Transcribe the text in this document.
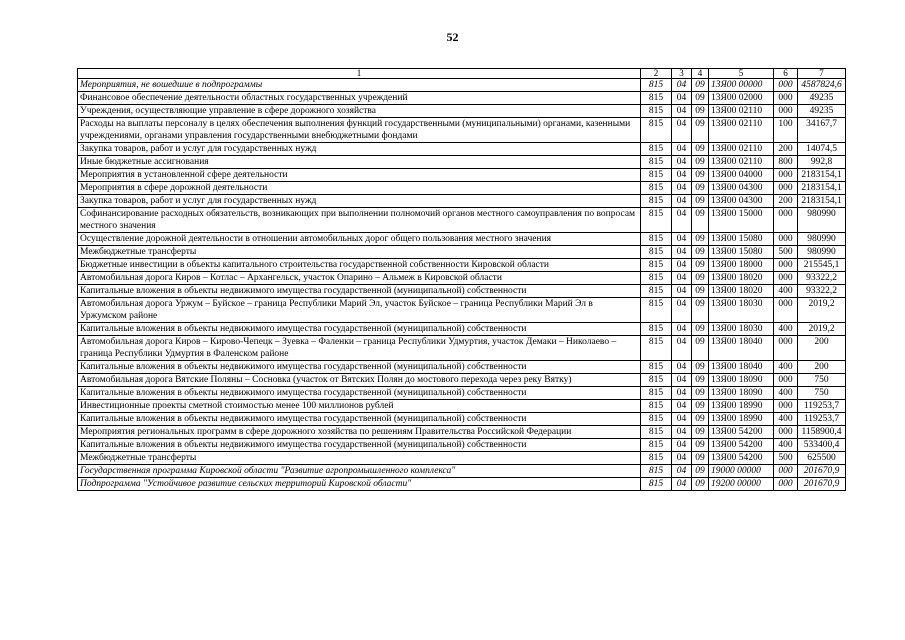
52
1	2	3	4	5	6	7
Мероприятия, не вошедшие в подпрограммы	815	04	09	13Я00 00000	000	4587824,6
Финансовое обеспечение деятельности областных государственных учреждений	815	04	09	13Я00 02000	000	49235
Учреждения, осуществляющие управление в сфере дорожного хозяйства	815	04	09	13Я00 02110	000	49235
Расходы на выплаты персоналу в целях обеспечения выполнения функций государственными (муниципальными) органами, казенными учреждениями, органами управления государственными внебюджетными фондами	815	04	09	13Я00 02110	100	34167,7
Закупка товаров, работ и услуг для государственных нужд	815	04	09	13Я00 02110	200	14074,5
Иные бюджетные ассигнования	815	04	09	13Я00 02110	800	992,8
Мероприятия в установленной сфере деятельности	815	04	09	13Я00 04000	000	2183154,1
Мероприятия в сфере дорожной деятельности	815	04	09	13Я00 04300	000	2183154,1
Закупка товаров, работ и услуг для государственных нужд	815	04	09	13Я00 04300	200	2183154,1
Софинансирование расходных обязательств, возникающих при выполнении полномочий органов местного самоуправления по вопросам местного значения	815	04	09	13Я00 15000	000	980990
Осуществление дорожной деятельности в отношении автомобильных дорог общего пользования местного значения	815	04	09	13Я00 15080	000	980990
Межбюджетные трансферты	815	04	09	13Я00 15080	500	980990
Бюджетные инвестиции в объекты капитального строительства государственной собственности Кировской области	815	04	09	13Я00 18000	000	215545,1
Автомобильная дорога Киров – Котлас – Архангельск, участок Опарино – Альмеж в Кировской области	815	04	09	13Я00 18020	000	93322,2
Капитальные вложения в объекты недвижимого имущества государственной (муниципальной) собственности	815	04	09	13Я00 18020	400	93322,2
Автомобильная дорога Уржум – Буйское – граница Республики Марий Эл, участок Буйское – граница Республики Марий Эл в Уржумском районе	815	04	09	13Я00 18030	000	2019,2
Капитальные вложения в объекты недвижимого имущества государственной (муниципальной) собственности	815	04	09	13Я00 18030	400	2019,2
Автомобильная дорога Киров – Кирово-Чепецк – Зуевка – Фаленки – граница Республики Удмуртия, участок Демаки – Николаево – граница Республики Удмуртия в Фаленском районе	815	04	09	13Я00 18040	000	200
Капитальные вложения в объекты недвижимого имущества государственной (муниципальной) собственности	815	04	09	13Я00 18040	400	200
Автомобильная дорога Вятские Поляны – Сосновка (участок от Вятских Полян до мостового перехода через реку Вятку)	815	04	09	13Я00 18090	000	750
Капитальные вложения в объекты недвижимого имущества государственной (муниципальной) собственности	815	04	09	13Я00 18090	400	750
Инвестиционные проекты сметной стоимостью менее 100 миллионов рублей	815	04	09	13Я00 18990	000	119253,7
Капитальные вложения в объекты недвижимого имущества государственной (муниципальной) собственности	815	04	09	13Я00 18990	400	119253,7
Мероприятия региональных программ в сфере дорожного хозяйства по решениям Правительства Российской Федерации	815	04	09	13Я00 54200	000	1158900,4
Капитальные вложения в объекты недвижимого имущества государственной (муниципальной) собственности	815	04	09	13Я00 54200	400	533400,4
Межбюджетные трансферты	815	04	09	13Я00 54200	500	625500
Государственная программа Кировской области "Развитие агропромышленного комплекса"	815	04	09	19000 00000	000	201670,9
Подпрограмма "Устойчивое развитие сельских территорий Кировской области"	815	04	09	19200 00000	000	201670,9
